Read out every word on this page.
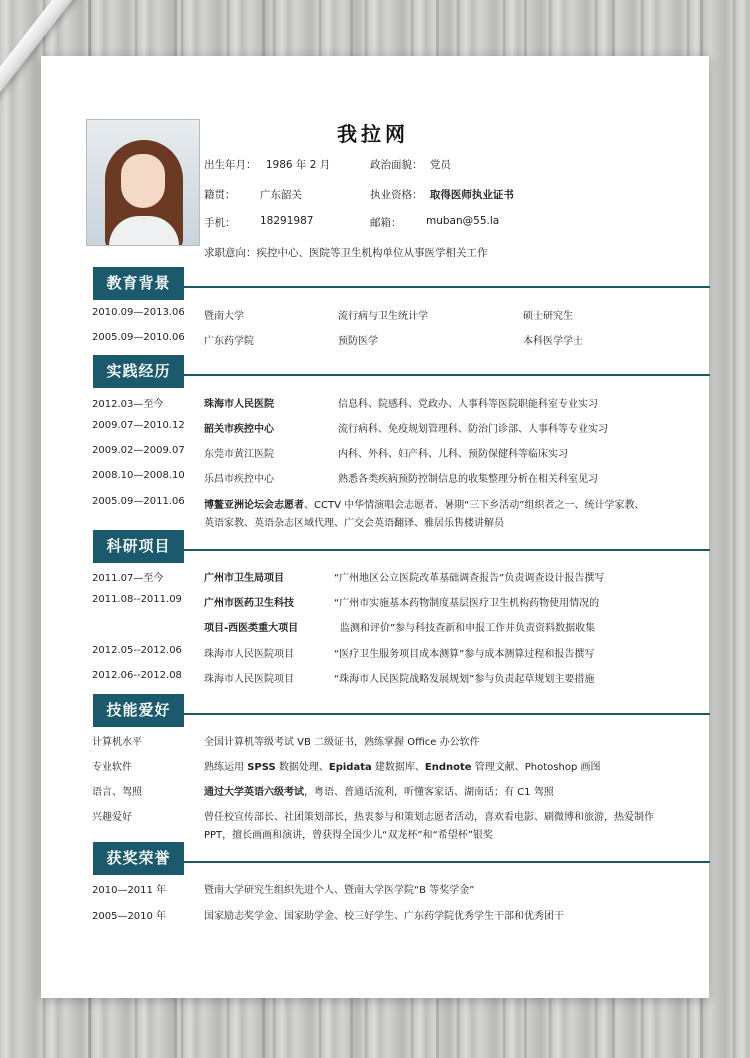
我拉网
出生年月： 1986 年 2 月	政治面貌： 党员
籍贯： 广东韶关	执业资格： 取得医师执业证书
手机： 18291987	邮箱： muban@55.la
求职意向：疾控中心、医院等卫生机构单位从事医学相关工作
教育背景
2010.09—2013.06 暨南大学	流行病与卫生统计学	硕士研究生
2005.09—2010.06 广东药学院	预防医学	本科医学学士
实践经历
2012.03—至今	珠海市人民医院	信息科、院感科、党政办、人事科等医院职能科室专业实习
2009.07—2010.12 韶关市疾控中心	流行病科、免疫规划管理科、防治门诊部、人事科等专业实习
2009.02—2009.07 东莞市黄江医院	内科、外科、妇产科、儿科、预防保健科等临床实习
2008.10—2008.10 乐昌市疾控中心	熟悉各类疾病预防控制信息的收集整理分析在相关科室见习
2005.09—2011.06 博鳌亚洲论坛会志愿者、CCTV 中华情演唱会志愿者、暑期“三下乡活动”组织者之一、统计学家教、
英语家教、英语杂志区域代理、广交会英语翻译、雅居乐售楼讲解员
科研项目
2011.07—至今	广州市卫生局项目	“广州地区公立医院改革基础调查报告”负责调查设计报告撰写
2011.08--2011.09 广州市医药卫生科技	“广州市实施基本药物制度基层医疗卫生机构药物使用情况的
项目-西医类重大项目	监测和评价”参与科技查新和申报工作并负责资料数据收集
2012.05--2012.06 珠海市人民医院项目	“医疗卫生服务项目成本测算”参与成本测算过程和报告撰写
2012.06--2012.08 珠海市人民医院项目	“珠海市人民医院战略发展规划”参与负责起草规划主要措施
技能爱好
计算机水平	全国计算机等级考试 VB 二级证书，熟练掌握 Office 办公软件
专业软件	熟练运用 SPSS 数据处理、Epidata 建数据库、Endnote 管理文献、Photoshop 画图
语言、驾照	通过大学英语六级考试，粤语、普通话流利，听懂客家话、湖南话；有 C1 驾照
兴趣爱好	曾任校宣传部长、社团策划部长，热衷参与和策划志愿者活动，喜欢看电影、刷微博和旅游，热爱制作
PPT，擅长画画和演讲，曾获得全国少儿“双龙杯”和“希望杯”银奖
获奖荣誉
2010—2011 年	暨南大学研究生组织先进个人、暨南大学医学院“B 等奖学金”
2005—2010 年	国家励志奖学金、国家助学金、校三好学生、广东药学院优秀学生干部和优秀团干
